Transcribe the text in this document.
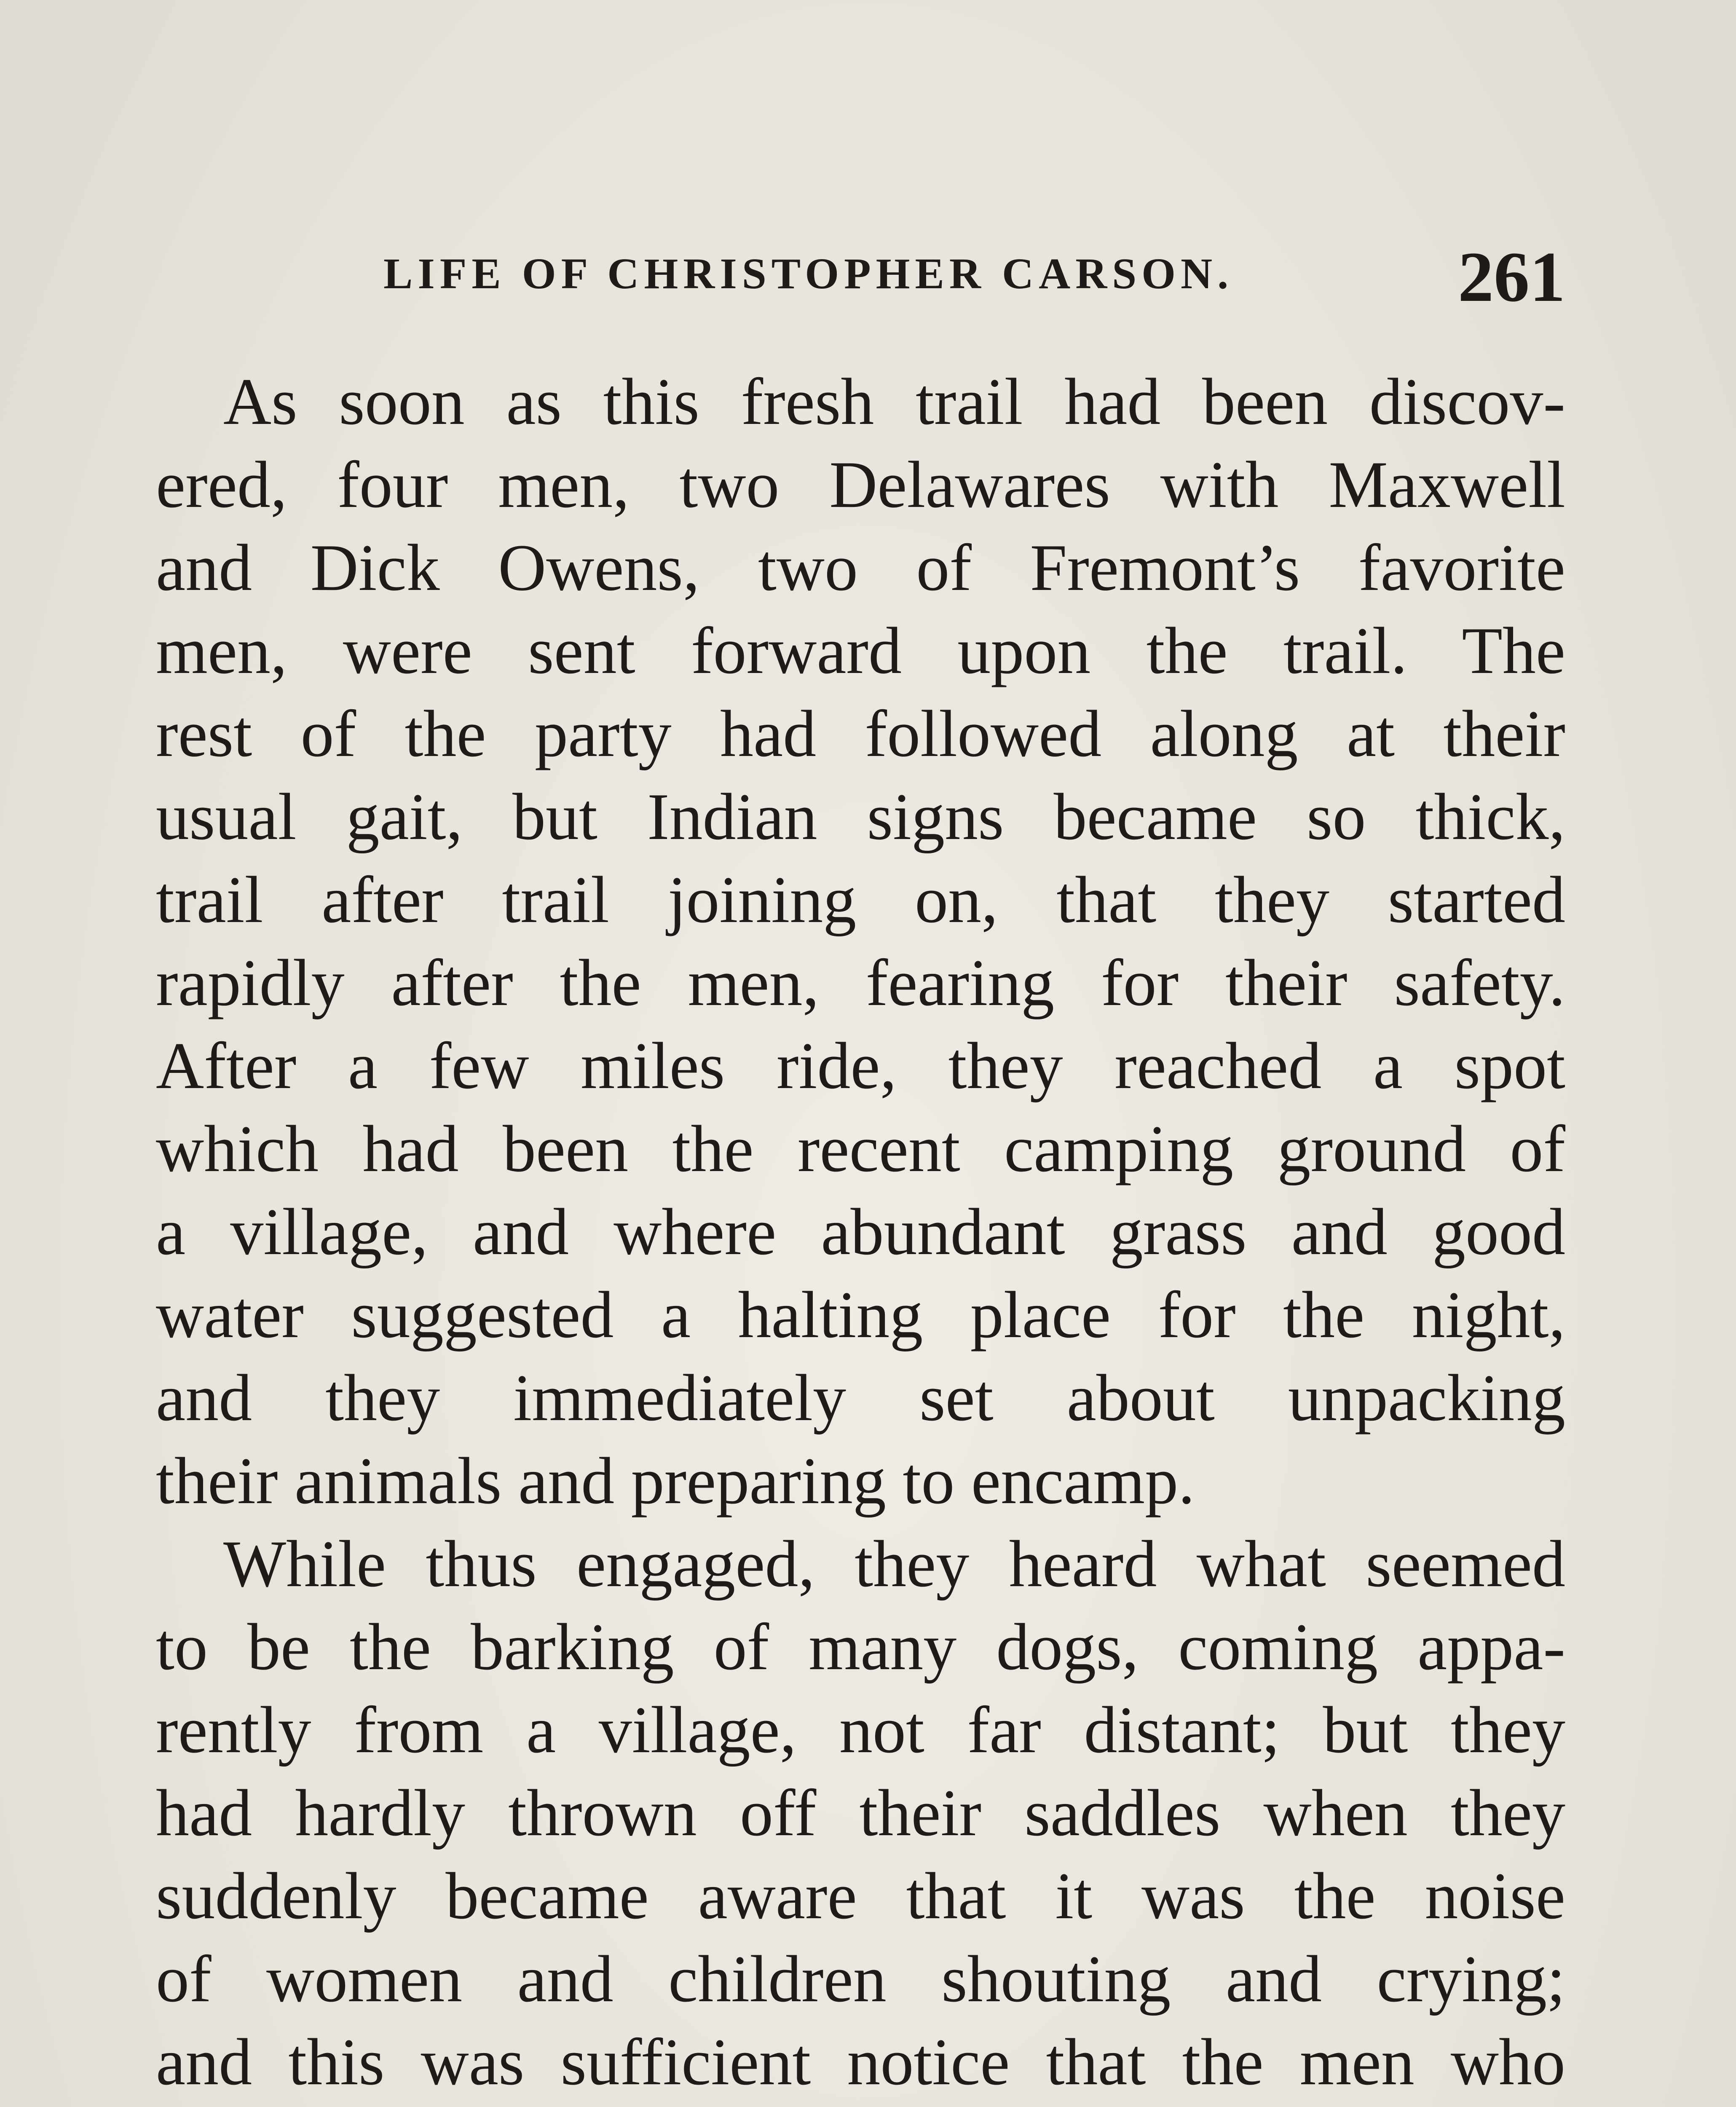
LIFE OF CHRISTOPHER CARSON.	261

As soon as this fresh trail had been discov-
ered, four men, two Delawares with Maxwell
and Dick Owens, two of Fremont’s favorite
men, were sent forward upon the trail. The
rest of the party had followed along at their
usual gait, but Indian signs became so thick,
trail after trail joining on, that they started
rapidly after the men, fearing for their safety.
After a few miles ride, they reached a spot
which had been the recent camping ground of
a village, and where abundant grass and good
water suggested a halting place for the night,
and they immediately set about unpacking
their animals and preparing to encamp.

While thus engaged, they heard what seemed
to be the barking of many dogs, coming appa-
rently from a village, not far distant; but they
had hardly thrown off their saddles when they
suddenly became aware that it was the noise
of women and children shouting and crying;
and this was sufficient notice that the men who
